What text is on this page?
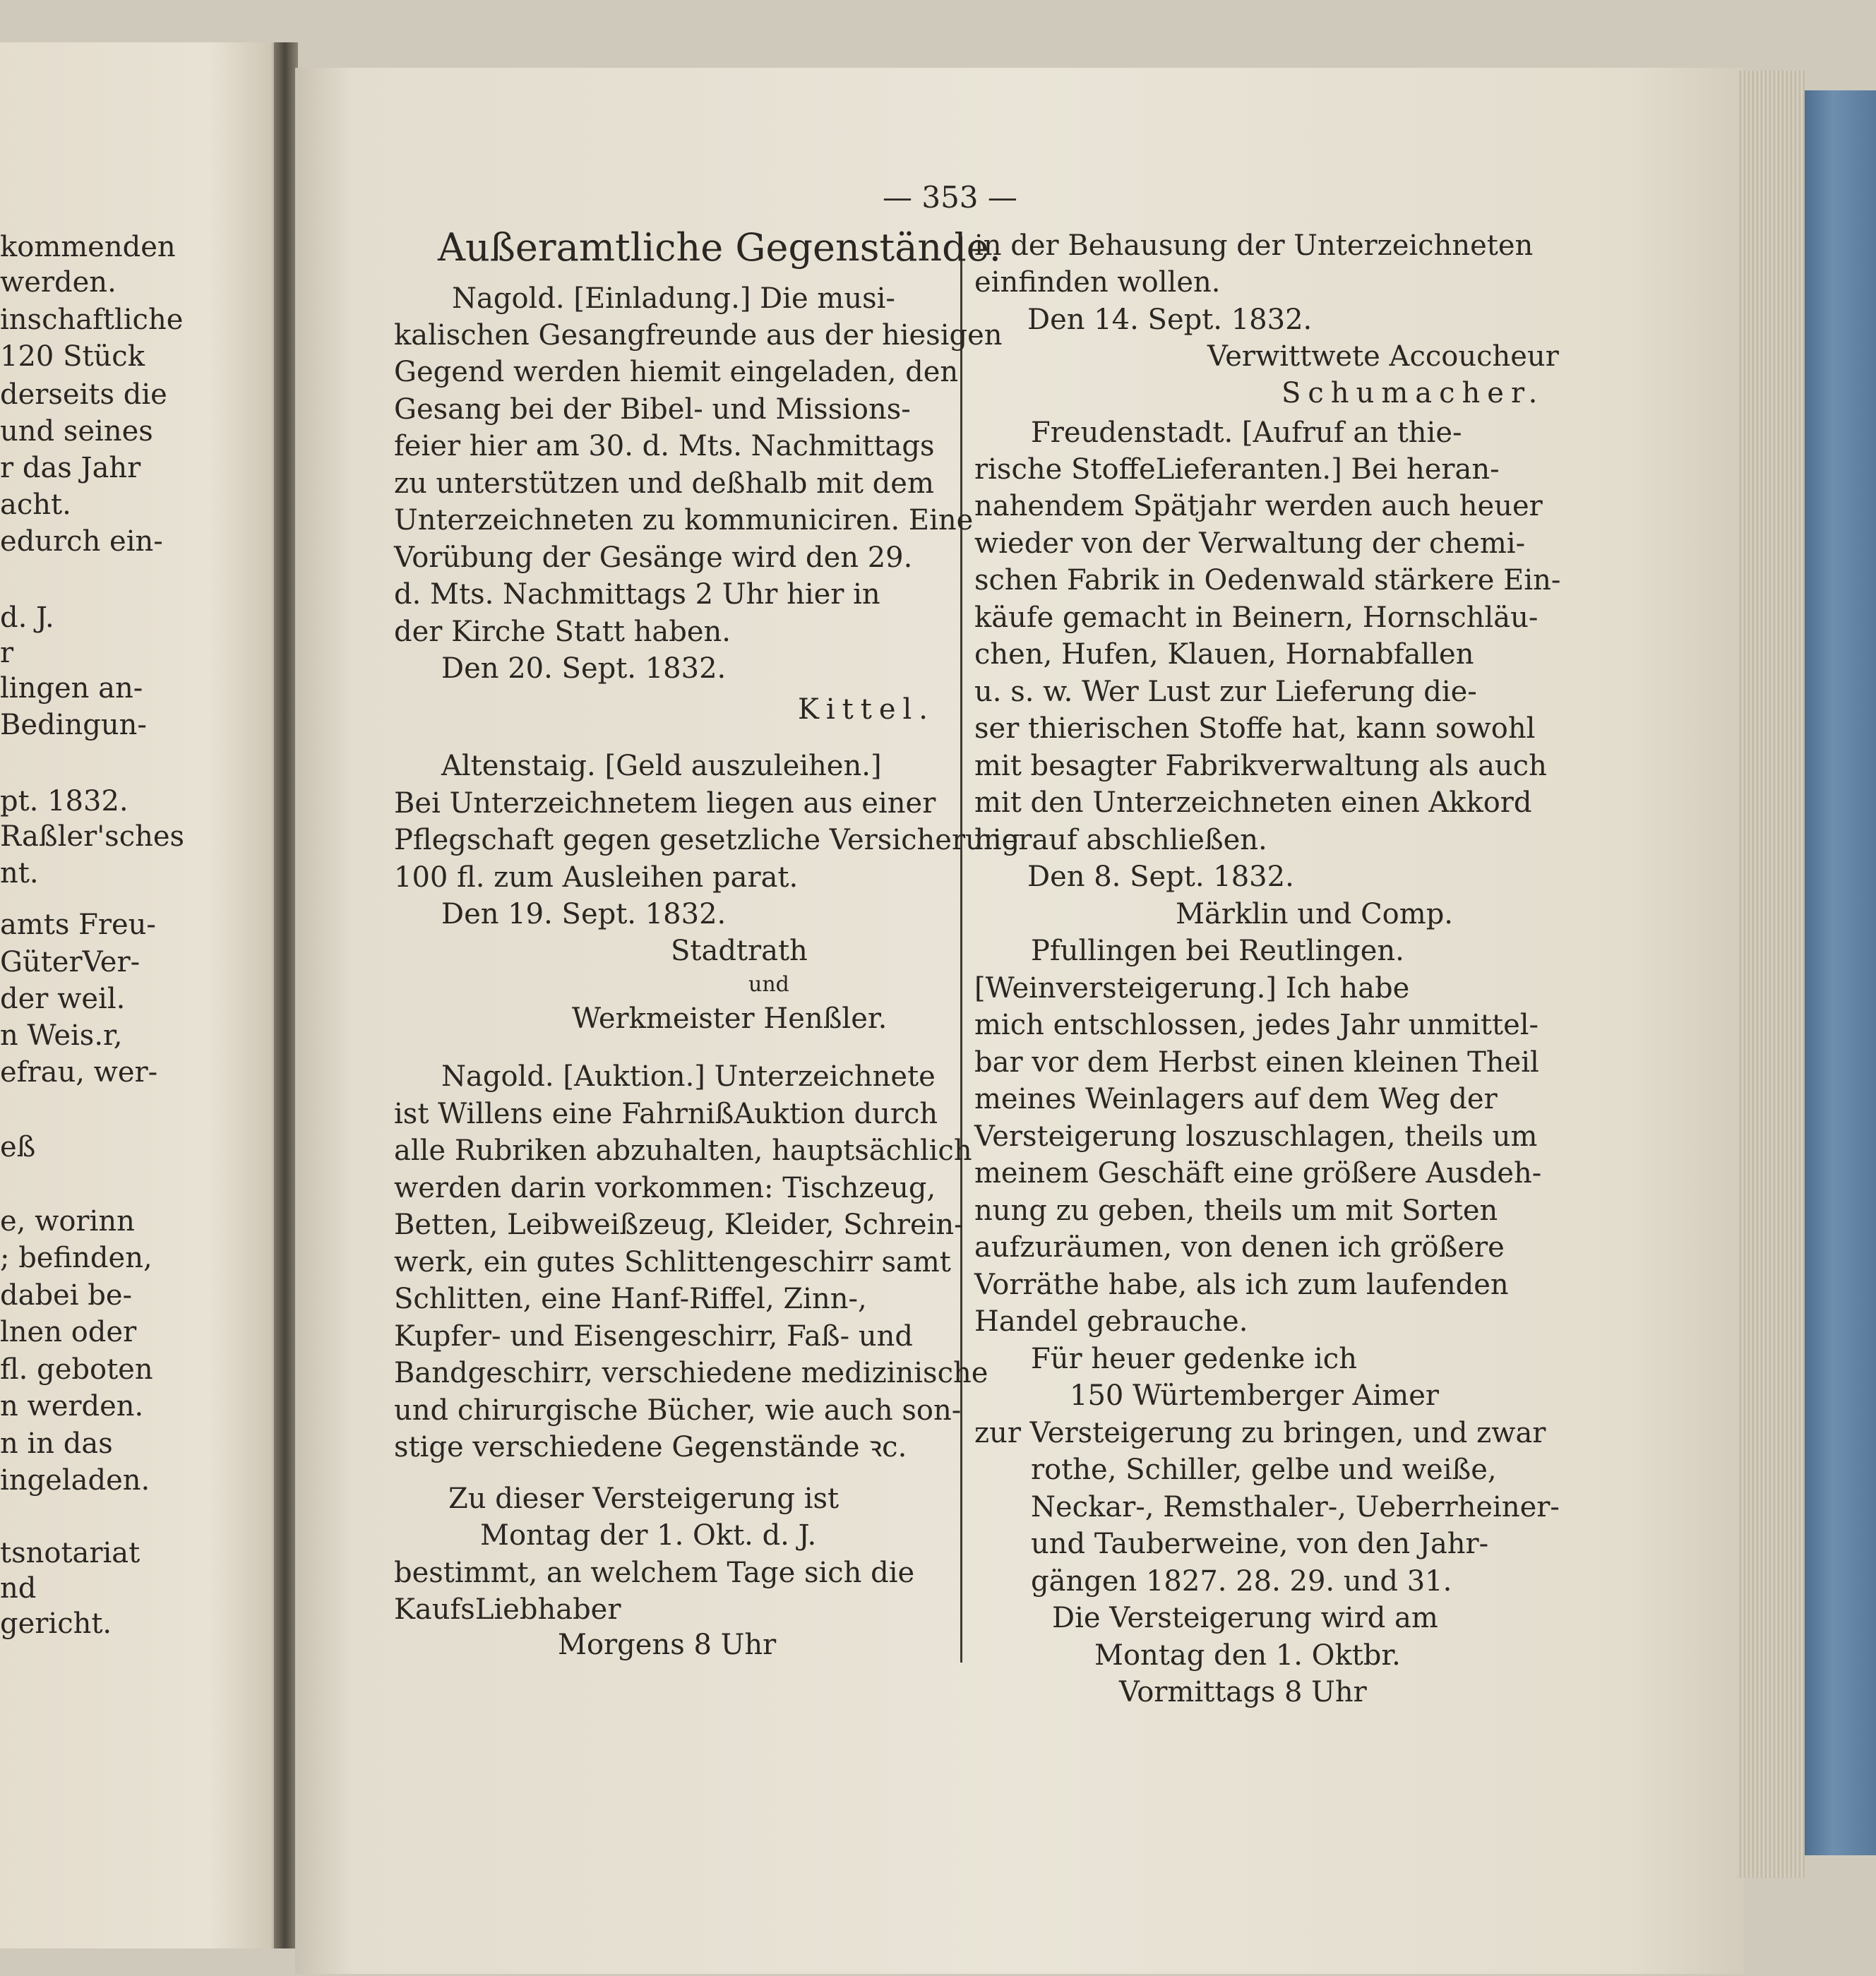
kommenden
werden.
inschaftliche
120 Stück
derseits die
und seines
r das Jahr
acht.
edurch ein-
d. J.
r
lingen an-
Bedingun-
pt. 1832.
Raßler'sches
nt.
amts Freu-
GüterVer-
der weil.
n Weis.r,
efrau, wer-
eß
e, worinn
; befinden,
dabei be-
lnen oder
fl. geboten
n werden.
n in das
ingeladen.
tsnotariat
nd
gericht.
— 353 —
Außeramtliche Gegenstände.
Nagold. [Einladung.] Die musi-
kalischen Gesangfreunde aus der hiesigen
Gegend werden hiemit eingeladen, den
Gesang bei der Bibel- und Missions-
feier hier am 30. d. Mts. Nachmittags
zu unterstützen und deßhalb mit dem
Unterzeichneten zu kommuniciren. Eine
Vorübung der Gesänge wird den 29.
d. Mts. Nachmittags 2 Uhr hier in
der Kirche Statt haben.
Den 20. Sept. 1832.
Kittel.
Altenstaig. [Geld auszuleihen.]
Bei Unterzeichnetem liegen aus einer
Pflegschaft gegen gesetzliche Versicherung
100 fl. zum Ausleihen parat.
Den 19. Sept. 1832.
Stadtrath
und
Werkmeister Henßler.
Nagold. [Auktion.] Unterzeichnete
ist Willens eine FahrnißAuktion durch
alle Rubriken abzuhalten, hauptsächlich
werden darin vorkommen: Tischzeug,
Betten, Leibweißzeug, Kleider, Schrein-
werk, ein gutes Schlittengeschirr samt
Schlitten, eine Hanf-Riffel, Zinn-,
Kupfer- und Eisengeschirr, Faß- und
Bandgeschirr, verschiedene medizinische
und chirurgische Bücher, wie auch son-
stige verschiedene Gegenstände ꝛc.
Zu dieser Versteigerung ist
Montag der 1. Okt. d. J.
bestimmt, an welchem Tage sich die
KaufsLiebhaber
Morgens 8 Uhr
in der Behausung der Unterzeichneten
einfinden wollen.
Den 14. Sept. 1832.
Verwittwete Accoucheur
Schumacher.
Freudenstadt. [Aufruf an thie-
rische StoffeLieferanten.] Bei heran-
nahendem Spätjahr werden auch heuer
wieder von der Verwaltung der chemi-
schen Fabrik in Oedenwald stärkere Ein-
käufe gemacht in Beinern, Hornschläu-
chen, Hufen, Klauen, Hornabfallen
u. s. w. Wer Lust zur Lieferung die-
ser thierischen Stoffe hat, kann sowohl
mit besagter Fabrikverwaltung als auch
mit den Unterzeichneten einen Akkord
hierauf abschließen.
Den 8. Sept. 1832.
Märklin und Comp.
Pfullingen bei Reutlingen.
[Weinversteigerung.] Ich habe
mich entschlossen, jedes Jahr unmittel-
bar vor dem Herbst einen kleinen Theil
meines Weinlagers auf dem Weg der
Versteigerung loszuschlagen, theils um
meinem Geschäft eine größere Ausdeh-
nung zu geben, theils um mit Sorten
aufzuräumen, von denen ich größere
Vorräthe habe, als ich zum laufenden
Handel gebrauche.
Für heuer gedenke ich
150 Würtemberger Aimer
zur Versteigerung zu bringen, und zwar
rothe, Schiller, gelbe und weiße,
Neckar-, Remsthaler-, Ueberrheiner-
und Tauberweine, von den Jahr-
gängen 1827. 28. 29. und 31.
Die Versteigerung wird am
Montag den 1. Oktbr.
Vormittags 8 Uhr
